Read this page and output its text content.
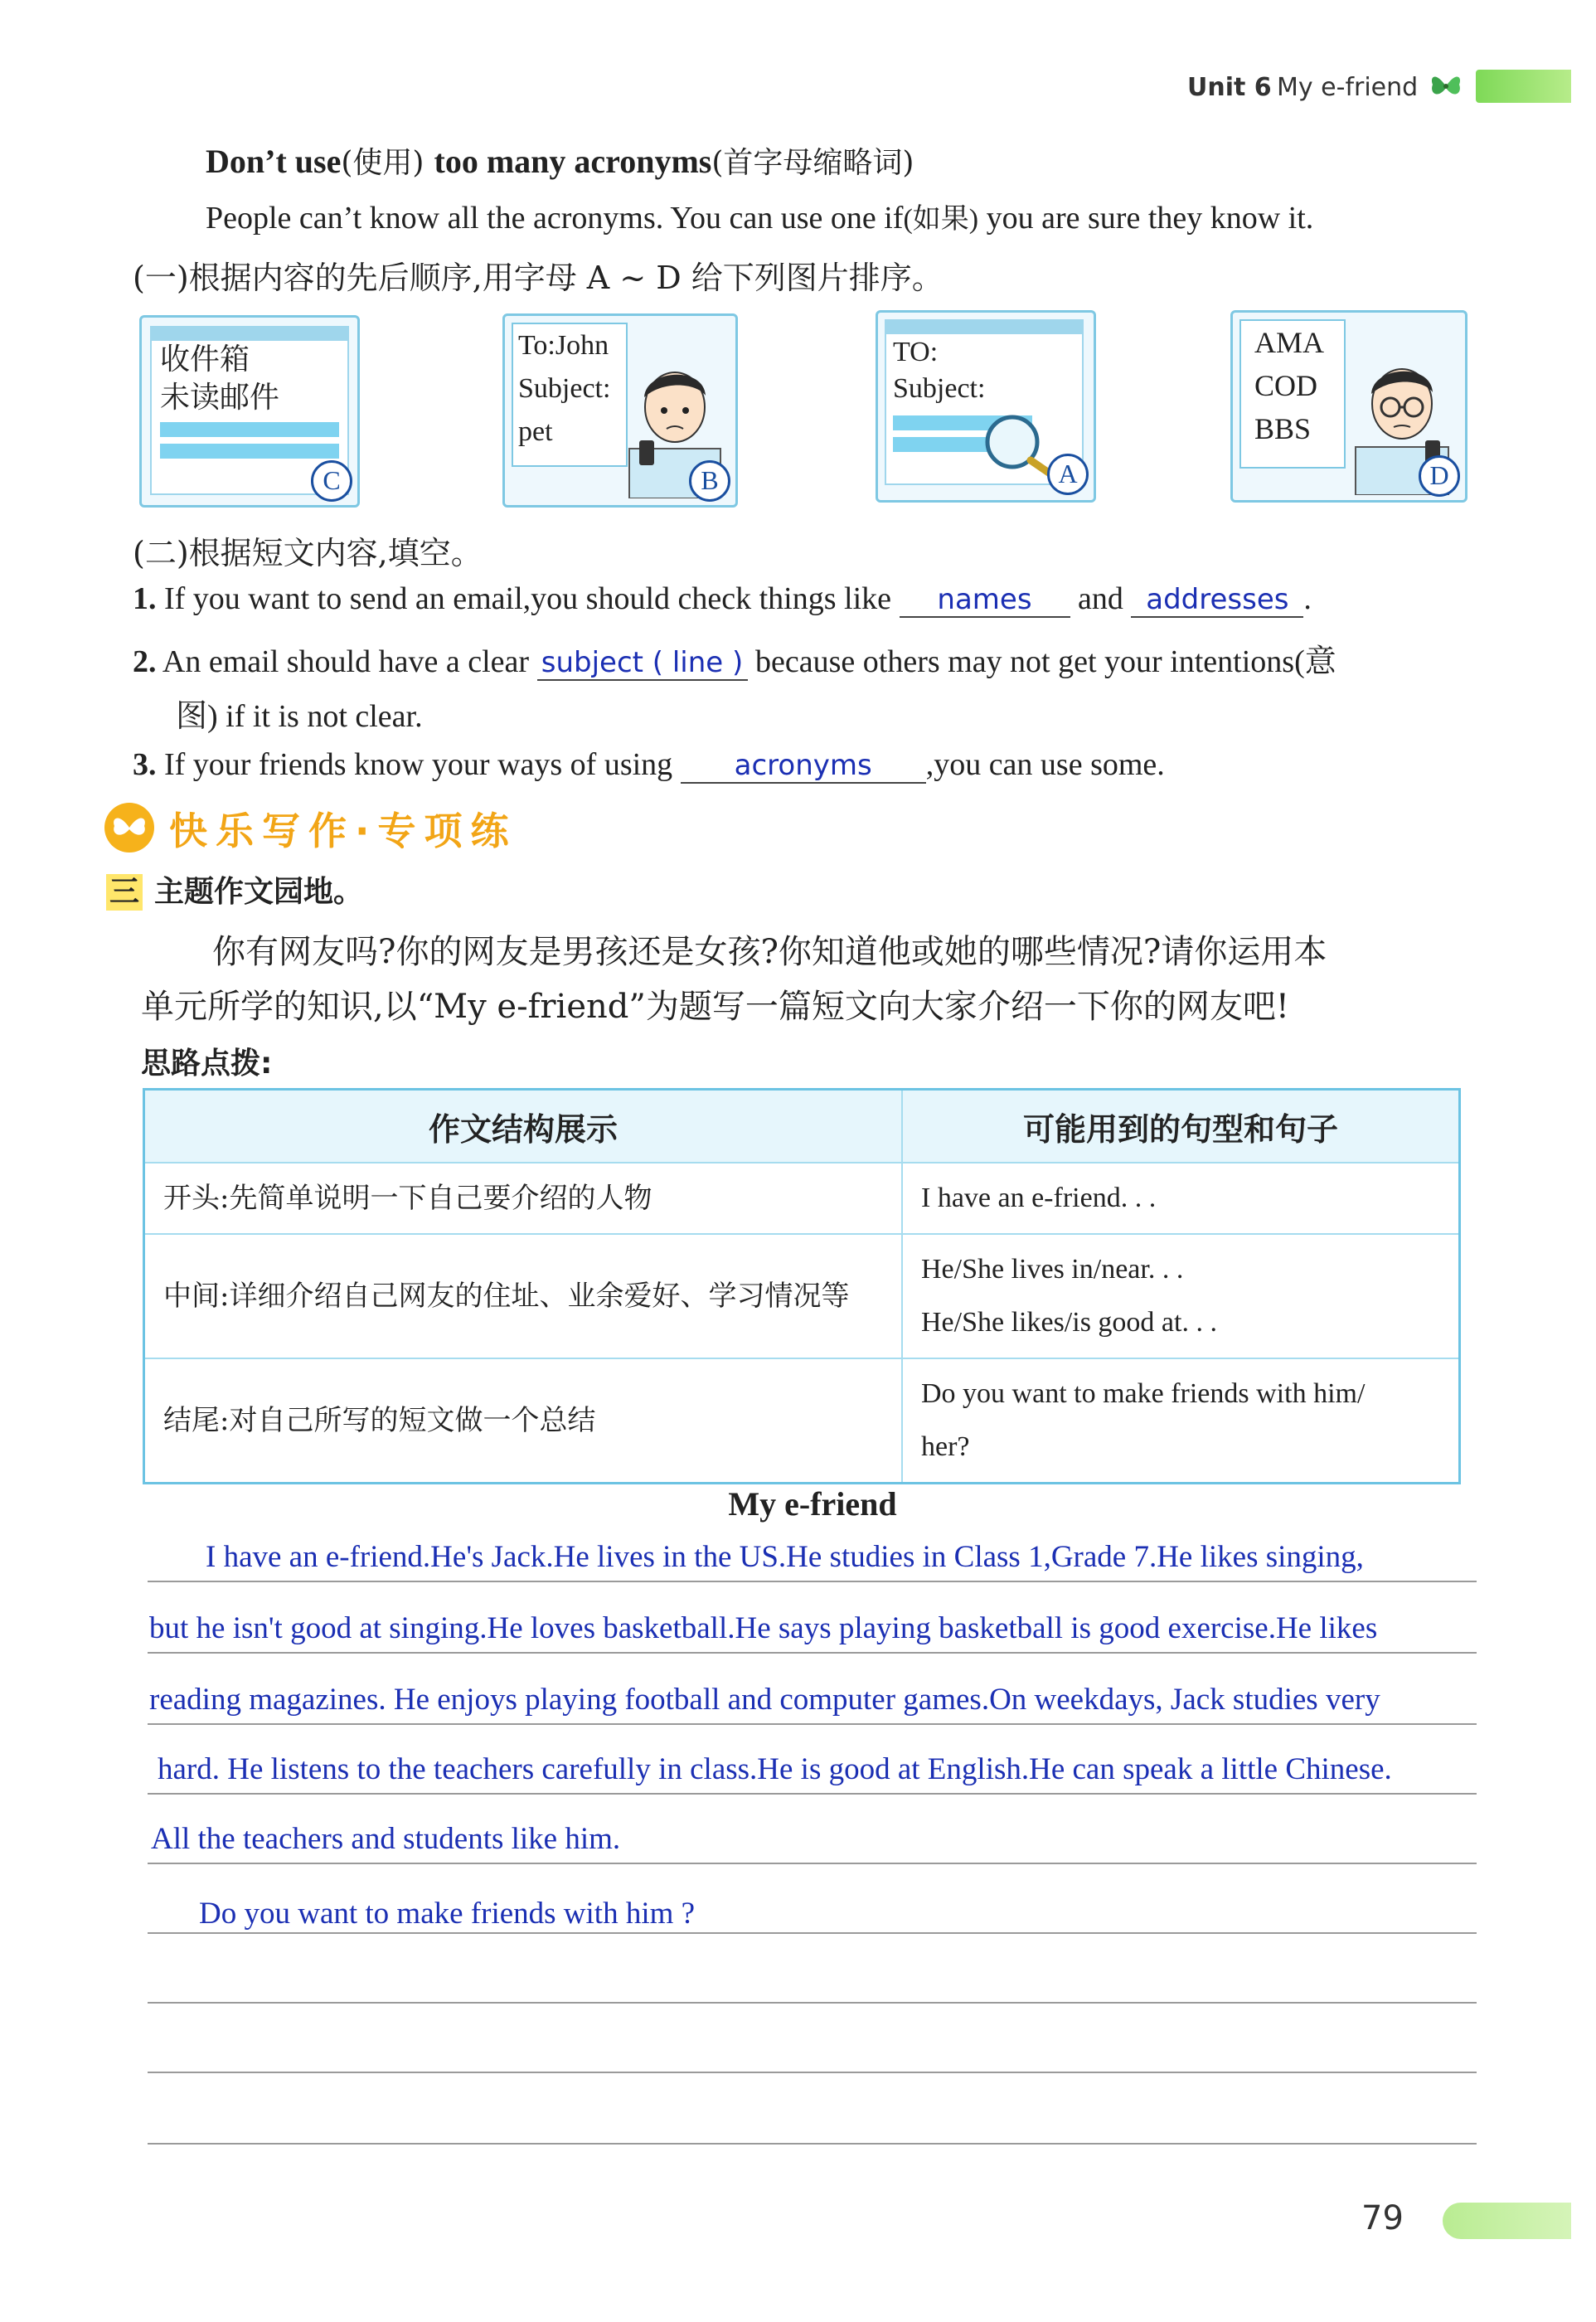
Unit 6 My e-friend
Don’t use(使用) too many acronyms(首字母缩略词)
People can’t know all the acronyms. You can use one if(如果) you are sure they know it.
(一)根据内容的先后顺序,用字母 A ~ D 给下列图片排序。
收件箱
未读邮件
C
To:John
Subject:
pet
B
TO:
Subject:
A
AMA
COD
BBS
D
(二)根据短文内容,填空。
1. If you want to send an email,you should check things like names and addresses .
2. An email should have a clear subject ( line ) because others may not get your intentions(意
图) if it is not clear.
3. If your friends know your ways of using acronyms ,you can use some.
快乐写作·专项练
三 主题作文园地。
你有网友吗?你的网友是男孩还是女孩?你知道他或她的哪些情况?请你运用本
单元所学的知识,以“My e-friend”为题写一篇短文向大家介绍一下你的网友吧!
思路点拨:
作文结构展示	可能用到的句型和句子
开头:先简单说明一下自己要介绍的人物	I have an e-friend. . .

中间:详细介绍自己网友的住址、业余爱好、学习情况等	He/She lives in/near. . .
He/She likes/is good at. . .

结尾:对自己所写的短文做一个总结	Do you want to make friends with him/
her?
My e-friend
I have an e-friend.He's Jack.He lives in the US.He studies in Class 1,Grade 7.He likes singing,
but he isn't good at singing.He loves basketball.He says playing basketball is good exercise.He likes
reading magazines. He enjoys playing football and computer games.On weekdays, Jack studies very
hard. He listens to the teachers carefully in class.He is good at English.He can speak a little Chinese.
All the teachers and students like him.
Do you want to make friends with him ?
79
